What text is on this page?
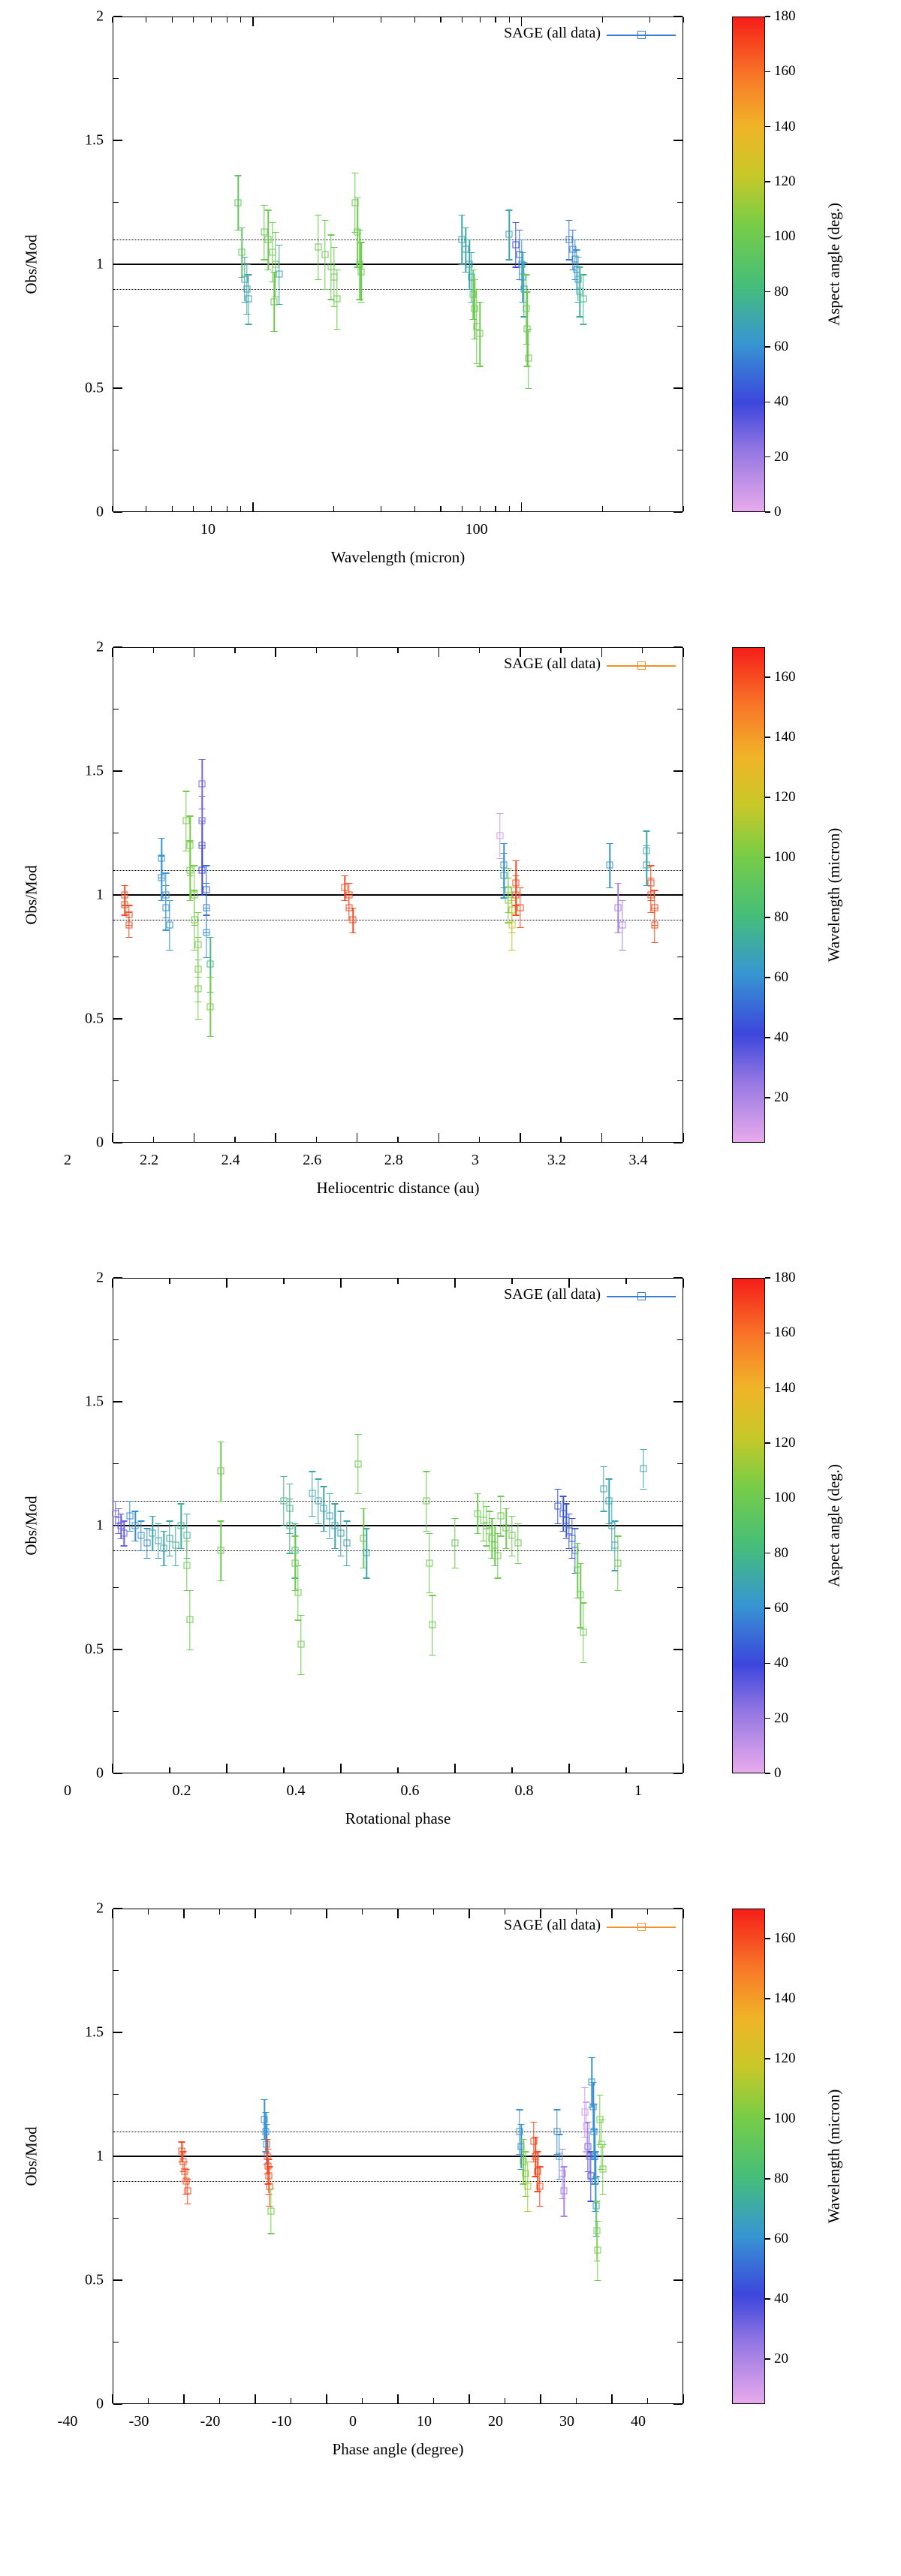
0
0.5
1
1.5
2
10	100
Wavelength (micron)
Obs/Mod
SAGE (all data)
0
20
40
60
80
100
120
140
160
180
Aspect angle (deg.)
0
0.5
1
1.5
2
2	2.2	2.4	2.6	2.8	3	3.2	3.4
Heliocentric distance (au)
Obs/Mod
SAGE (all data)
20
40
60
80
100
120
140
160
Wavelength (micron)
0
0.5
1
1.5
2
0	0.2	0.4	0.6	0.8	1
Rotational phase
Obs/Mod
SAGE (all data)
0
20
40
60
80
100
120
140
160
180
Aspect angle (deg.)
0
0.5
1
1.5
2
-40	-30	-20	-10	0	10	20	30	40
Phase angle (degree)
Obs/Mod
SAGE (all data)
20
40
60
80
100
120
140
160
Wavelength (micron)
